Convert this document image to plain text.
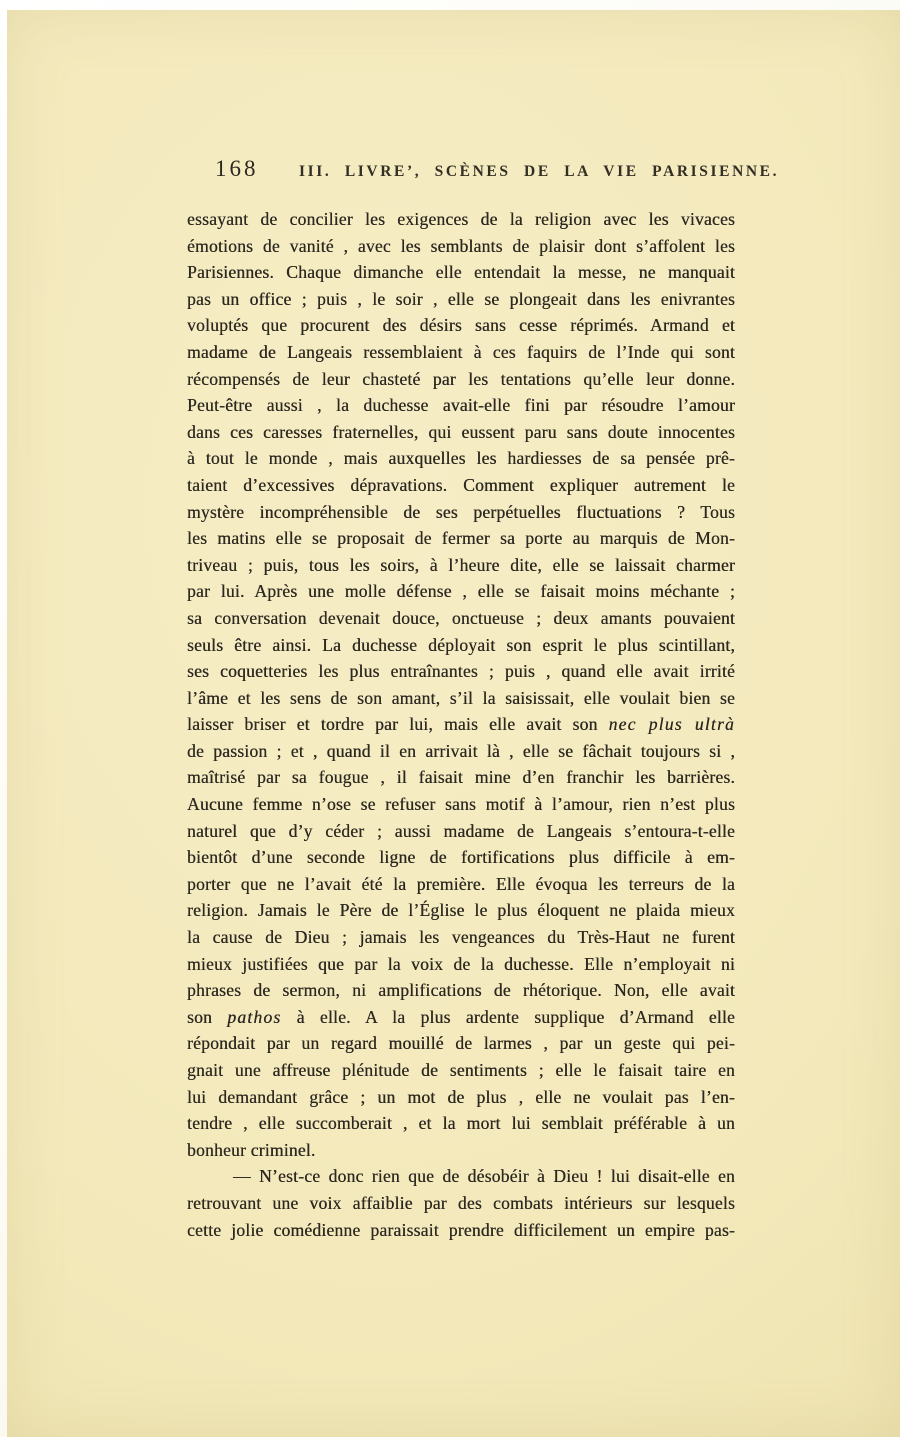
168	III. LIVRE’, SCÈNES DE LA VIE PARISIENNE.
essayant de concilier les exigences de la religion avec les vivaces
émotions de vanité , avec les semblants de plaisir dont s’affolent les
Parisiennes. Chaque dimanche elle entendait la messe, ne manquait
pas un office ; puis , le soir , elle se plongeait dans les enivrantes
voluptés que procurent des désirs sans cesse réprimés. Armand et
madame de Langeais ressemblaient à ces faquirs de l’Inde qui sont
récompensés de leur chasteté par les tentations qu’elle leur donne.
Peut-être aussi , la duchesse avait-elle fini par résoudre l’amour
dans ces caresses fraternelles, qui eussent paru sans doute innocentes
à tout le monde , mais auxquelles les hardiesses de sa pensée prê-
taient d’excessives dépravations. Comment expliquer autrement le
mystère incompréhensible de ses perpétuelles fluctuations ? Tous
les matins elle se proposait de fermer sa porte au marquis de Mon-
triveau ; puis, tous les soirs, à l’heure dite, elle se laissait charmer
par lui. Après une molle défense , elle se faisait moins méchante ;
sa conversation devenait douce, onctueuse ; deux amants pouvaient
seuls être ainsi. La duchesse déployait son esprit le plus scintillant,
ses coquetteries les plus entraînantes ; puis , quand elle avait irrité
l’âme et les sens de son amant, s’il la saisissait, elle voulait bien se
laisser briser et tordre par lui, mais elle avait son nec plus ultrà
de passion ; et , quand il en arrivait là , elle se fâchait toujours si ,
maîtrisé par sa fougue , il faisait mine d’en franchir les barrières.
Aucune femme n’ose se refuser sans motif à l’amour, rien n’est plus
naturel que d’y céder ; aussi madame de Langeais s’entoura-t-elle
bientôt d’une seconde ligne de fortifications plus difficile à em-
porter que ne l’avait été la première. Elle évoqua les terreurs de la
religion. Jamais le Père de l’Église le plus éloquent ne plaida mieux
la cause de Dieu ; jamais les vengeances du Très-Haut ne furent
mieux justifiées que par la voix de la duchesse. Elle n’employait ni
phrases de sermon, ni amplifications de rhétorique. Non, elle avait
son pathos à elle. A la plus ardente supplique d’Armand elle
répondait par un regard mouillé de larmes , par un geste qui pei-
gnait une affreuse plénitude de sentiments ; elle le faisait taire en
lui demandant grâce ; un mot de plus , elle ne voulait pas l’en-
tendre , elle succomberait , et la mort lui semblait préférable à un
bonheur criminel.
— N’est-ce donc rien que de désobéir à Dieu ! lui disait-elle en
retrouvant une voix affaiblie par des combats intérieurs sur lesquels
cette jolie comédienne paraissait prendre difficilement un empire pas-
